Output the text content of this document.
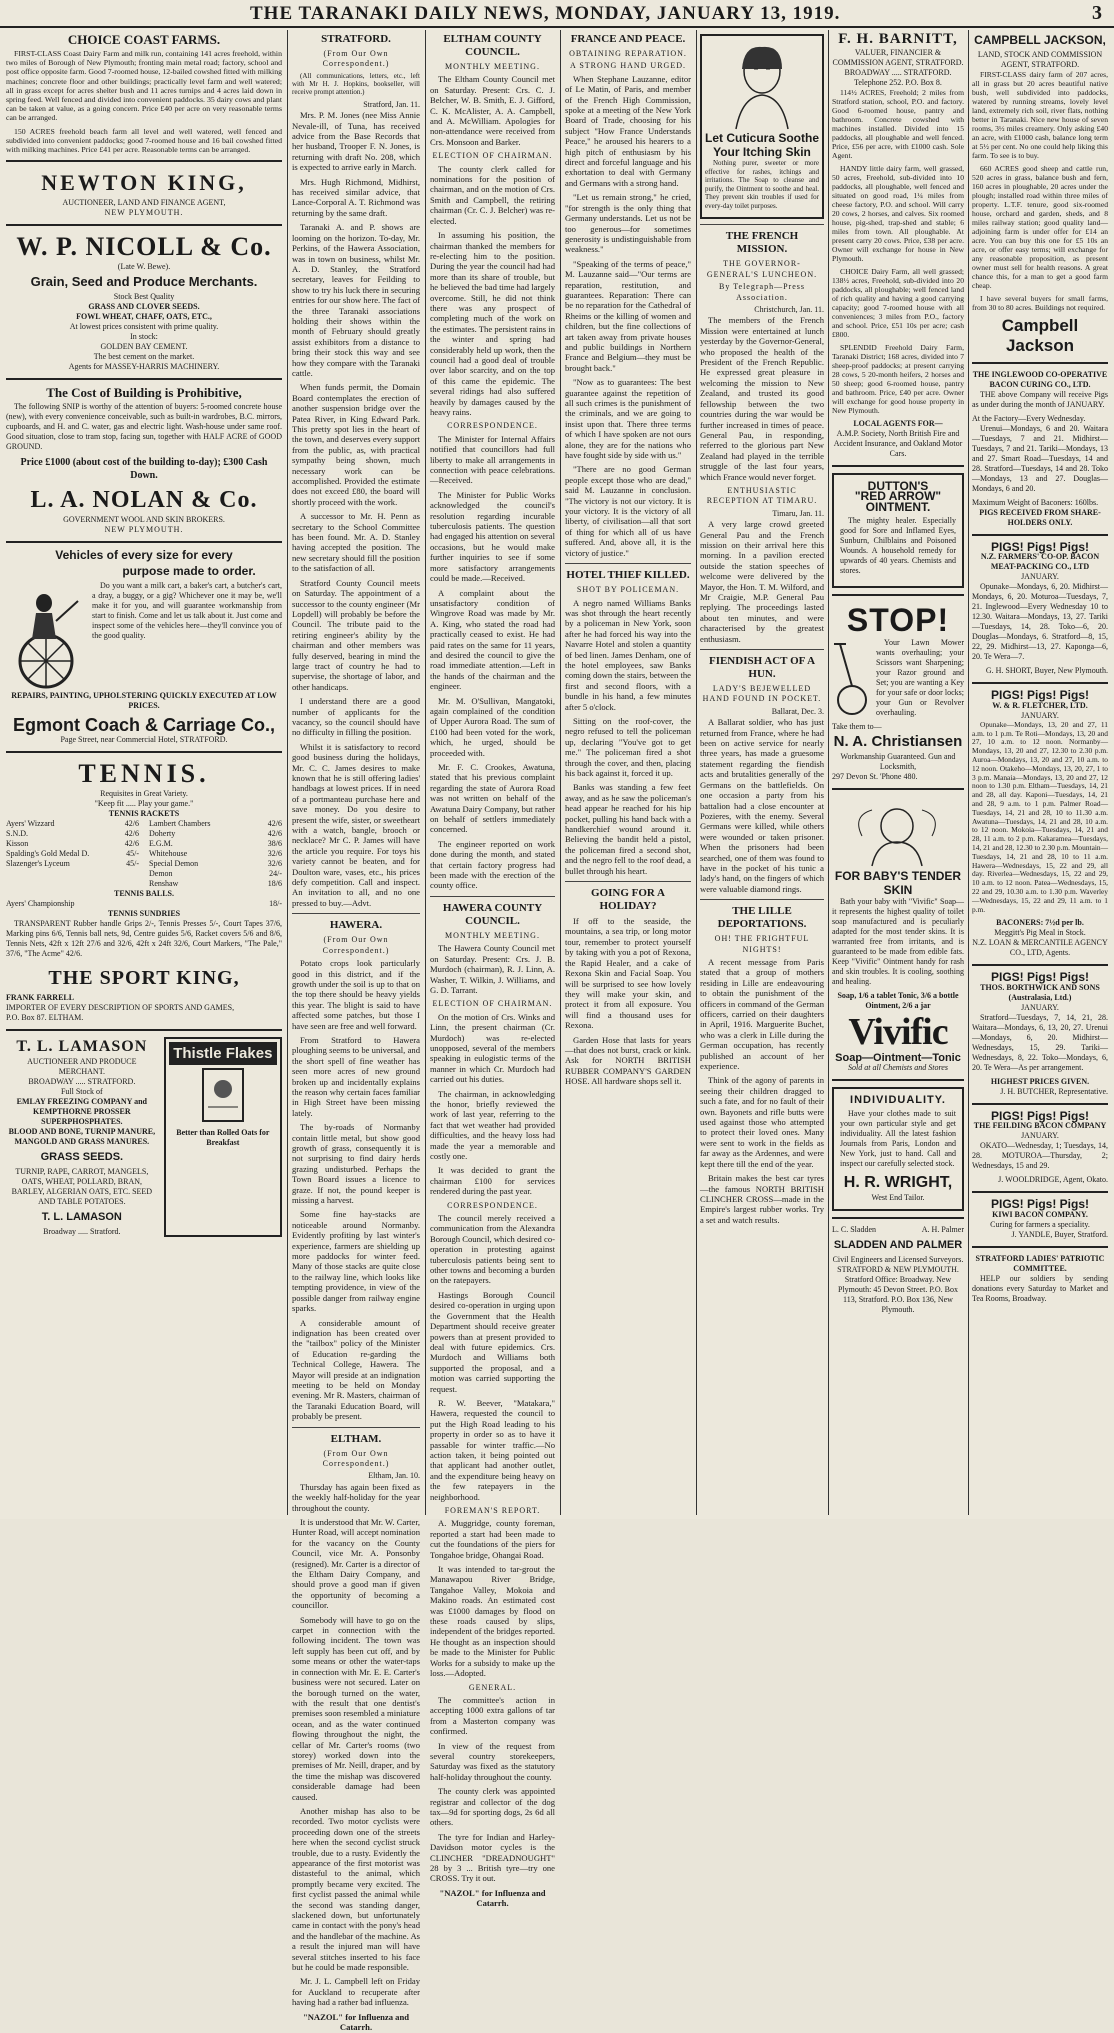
THE TARANAKI DAILY NEWS, MONDAY, JANUARY 13, 1919.	3
CHOICE COAST FARMS.

FIRST-CLASS Coast Dairy Farm and milk run, containing 141 acres freehold, within two miles of Borough of New Plymouth; fronting main metal road; factory, school and post office opposite farm. Good 7-roomed house, 12-bailed cowshed fitted with milking machines; concrete floor and other buildings; practically level farm and well watered; all in grass except for acres shelter bush and 11 acres turnips and 4 acres laid down in spring feed. Well fenced and divided into convenient paddocks. 35 dairy cows and plant can be taken at value, as a going concern. Price £40 per acre on very reasonable terms can be arranged.

150 ACRES freehold beach farm all level and well watered, well fenced and subdivided into convenient paddocks; good 7-roomed house and 16 bail cowshed fitted with milking machines. Price £41 per acre. Reasonable terms can be arranged.

NEWTON KING,
AUCTIONEER, LAND AND FINANCE AGENT,
NEW PLYMOUTH.
W. P. NICOLL & Co.
(Late W. Bewe).
Grain, Seed and Produce Merchants.
Stock Best Quality
GRASS AND CLOVER SEEDS.
FOWL WHEAT, CHAFF, OATS, ETC.,
At lowest prices consistent with prime quality.
In stock:
GOLDEN BAY CEMENT.
The best cement on the market.
Agents for MASSEY-HARRIS MACHINERY.
The Cost of Building is Prohibitive,

The following SNIP is worthy of the attention of buyers: 5-roomed concrete house (new), with every convenience conceivable, such as built-in wardrobes, B.C. mirrors, cupboards, and H. and C. water, gas and electric light. Wash-house under same roof. Good situation, close to tram stop, facing sun, together with HALF ACRE of GOOD GROUND.

Price £1000 (about cost of the building to-day); £300 Cash Down.
L. A. NOLAN & Co.
GOVERNMENT WOOL AND SKIN BROKERS.
NEW PLYMOUTH.
Vehicles of every size for every
purpose made to order.

Do you want a milk cart, a baker's cart, a butcher's cart, a dray, a buggy, or a gig? Whichever one it may be, we'll make it for you, and will guarantee workmanship from start to finish. Come and let us talk about it. Just come and inspect some of the vehicles here—they'll convince you of the good quality.

REPAIRS, PAINTING, UPHOLSTERING QUICKLY EXECUTED AT LOW PRICES.
Egmont Coach & Carriage Co.,
Page Street, near Commercial Hotel, STRATFORD.
TENNIS.
Requisites in Great Variety.
"Keep fit ..... Play your game."
TENNIS RACKETS
Ayers' Wizzard	42/6
S.N.D.	42/6
Kisson	42/6
Spalding's Gold Medal D.	45/-
Slazenger's Lyceum	45/-
Lambert Chambers	42/6
Doherty	42/6
E.G.M.	38/6
Whitehouse	32/6
Special Demon	32/6
Demon	24/-
Renshaw	18/6
TENNIS BALLS.
Ayers' Championship	18/-
TENNIS SUNDRIES

TRANSPARENT Rubber handle Grips 2/-, Tennis Presses 5/-, Court Tapes 37/6, Marking pins 6/6, Tennis ball nets, 9d, Centre guides 5/6, Racket covers 5/6 and 8/6, Tennis Nets, 42ft x 12ft 27/6 and 32/6, 42ft x 24ft 32/6, Court Markers, "The Pale," 37/6, "The Acme" 42/6.

THE SPORT KING,
FRANK FARRELL
IMPORTER OF EVERY DESCRIPTION OF SPORTS AND GAMES,
P.O. Box 87. ELTHAM.
T. L. LAMASON
AUCTIONEER AND PRODUCE MERCHANT.
BROADWAY ..... STRATFORD.
Full Stock of
EMLAY FREEZING COMPANY and KEMPTHORNE PROSSER SUPERPHOSPHATES.
BLOOD AND BONE, TURNIP MANURE, MANGOLD AND GRASS MANURES.
GRASS SEEDS.
TURNIP, RAPE, CARROT, MANGELS, OATS, WHEAT, POLLARD, BRAN, BARLEY, ALGERIAN OATS, ETC. SEED AND TABLE POTATOES.
T. L. LAMASON
Broadway ..... Stratford.
Thistle Flakes
Better than Rolled Oats for Breakfast
STRATFORD.
(From Our Own Correspondent.)

(All communications, letters, etc., left with Mr H. J. Hopkins, bookseller, will receive prompt attention.)

Stratford, Jan. 11.

Mrs. P. M. Jones (nee Miss Annie Nevale-ill, of Tuna, has received advice from the Base Records that her husband, Trooper F. N. Jones, is returning with draft No. 208, which is expected to arrive early in March.

Mrs. Hugh Richmond, Midhirst, has received similar advice, that Lance-Corporal A. T. Richmond was returning by the same draft.

Taranaki A. and P. shows are looming on the horizon. To-day, Mr. Perkins, of the Hawera Association, was in town on business, whilst Mr. A. D. Stanley, the Stratford secretary, leaves for Feilding to show to try his luck there in securing entries for our show here. The fact of the three Taranaki associations holding their shows within the month of February should greatly assist exhibitors from a distance to bring their stock this way and see how they compare with the Taranaki cattle.

When funds permit, the Domain Board contemplates the erection of another suspension bridge over the Patea River, in King Edward Park. This pretty spot lies in the heart of the town, and deserves every support from the public, as, with practical sympathy being shown, much necessary work can be accomplished. Provided the estimate does not exceed £80, the board will shortly proceed with the work.

A successor to Mr. H. Penn as secretary to the School Committee has been found. Mr. A. D. Stanley having accepted the position. The new secretary should fill the position to the satisfaction of all.

Stratford County Council meets on Saturday. The appointment of a successor to the county engineer (Mr Lopdell) will probably be before the Council. The tribute paid to the retiring engineer's ability by the chairman and other members was fully deserved, bearing in mind the large tract of country he had to supervise, the shortage of labor, and other handicaps.

I understand there are a good number of applicants for the vacancy, so the council should have no difficulty in filling the position.

Whilst it is satisfactory to record good business during the holidays, Mr. C. C. James desires to make known that he is still offering ladies' handbags at lowest prices. If in need of a portmanteau purchase here and save money. Do you desire to present the wife, sister, or sweetheart with a watch, bangle, brooch or necklace? Mr C. P. James will have the article you require. For toys his variety cannot be beaten, and for Doulton ware, vases, etc., his prices defy competition. Call and inspect. An invitation to all, and no one pressed to buy.—Advt.

HAWERA.
(From Our Own Correspondent.)

Potato crops look particularly good in this district, and if the growth under the soil is up to that on the top there should be heavy yields this year. The blight is said to have affected some patches, but those I have seen are free and well forward.

From Stratford to Hawera ploughing seems to be universal, and the short spell of fine weather has seen more acres of new ground broken up and incidentally explains the reason why certain faces familiar in High Street have been missing lately.

The by-roads of Normanby contain little metal, but show good growth of grass, consequently it is not surprising to find dairy herds grazing undisturbed. Perhaps the Town Board issues a licence to graze. If not, the pound keeper is missing a harvest.

Some fine hay-stacks are noticeable around Normanby. Evidently profiting by last winter's experience, farmers are shielding up more paddocks for winter feed. Many of those stacks are quite close to the railway line, which looks like tempting providence, in view of the possible danger from railway engine sparks.

A considerable amount of indignation has been created over the "tailbox" policy of the Minister of Education re-garding the Technical College, Hawera. The Mayor will preside at an indignation meeting to be held on Monday evening. Mr R. Masters, chairman of the Taranaki Education Board, will probably be present.

ELTHAM.
(From Our Own Correspondent.)
Eltham, Jan. 10.

Thursday has again been fixed as the weekly half-holiday for the year throughout the county.

It is understood that Mr. W. Carter, Hunter Road, will accept nomination for the vacancy on the County Council, vice Mr. A. Ponsonby (resigned). Mr. Carter is a director of the Eltham Dairy Company, and should prove a good man if given the opportunity of becoming a councillor.

Somebody will have to go on the carpet in connection with the following incident. The town was left supply has been cut off, and by some means or other the water-taps in connection with Mr. E. E. Carter's business were not secured. Later on the borough turned on the water, with the result that one dentist's premises soon resembled a miniature ocean, and as the water continued flowing throughout the night, the cellar of Mr. Carter's rooms (two storey) worked down into the premises of Mr. Neill, draper, and by the time the mishap was discovered considerable damage had been caused.

Another mishap has also to be recorded. Two motor cyclists were proceeding down one of the streets here when the second cyclist struck trouble, due to a rusty. Evidently the appearance of the first motorist was distasteful to the animal, which promptly became very excited. The first cyclist passed the animal while the second was standing danger, slackened down, but unfortunately came in contact with the pony's head and the handlebar of the machine. As a result the injured man will have several stitches inserted to his face but he could be made responsible.

Mr. J. L. Campbell left on Friday for Auckland to recuperate after having had a rather bad influenza.

"NAZOL" for Influenza and Catarrh.
ELTHAM COUNTY COUNCIL.
MONTHLY MEETING.

The Eltham County Council met on Saturday. Present: Crs. C. J. Belcher, W. B. Smith, E. J. Gifford, C. K. McAlister, A. A. Campbell, and A. McWilliam. Apologies for non-attendance were received from Crs. Monsoon and Barker.

ELECTION OF CHAIRMAN.

The county clerk called for nominations for the position of chairman, and on the motion of Crs. Smith and Campbell, the retiring chairman (Cr. C. J. Belcher) was re-elected.

In assuming his position, the chairman thanked the members for re-electing him to the position. During the year the council had had more than its share of trouble, but he believed the bad time had largely overcome. Still, he did not think there was any prospect of completing much of the work on the estimates. The persistent rains in the winter and spring had considerably held up work, then the council had a good deal of trouble over labor scarcity, and on the top of this came the epidemic. The several ridings had also suffered heavily by damages caused by the heavy rains.

CORRESPONDENCE.

The Minister for Internal Affairs notified that councillors had full liberty to make all arrangements in connection with peace celebrations.—Received.

The Minister for Public Works acknowledged the council's resolution regarding incurable tuberculosis patients. The question had engaged his attention on several occasions, but he would make further inquiries to see if some more satisfactory arrangements could be made.—Received.

A complaint about the unsatisfactory condition of Wingrove Road was made by Mr. A. King, who stated the road had practically ceased to exist. He had paid rates on the same for 11 years, and desired the council to give the road immediate attention.—Left in the hands of the chairman and the engineer.

Mr. M. O'Sullivan, Mangatoki, again complained of the condition of Upper Aurora Road. The sum of £100 had been voted for the work, which, he urged, should be proceeded with.

Mr. F. C. Crookes, Awatuna, stated that his previous complaint regarding the state of Aurora Road was not written on behalf of the Awatuna Dairy Company, but rather on behalf of settlers immediately concerned.

The engineer reported on work done during the month, and stated that certain factory progress had been made with the erection of the county office.

HAWERA COUNTY COUNCIL.
MONTHLY MEETING.

The Hawera County Council met on Saturday. Present: Crs. J. B. Murdoch (chairman), R. J. Linn, A. Washer, T. Wilkin, J. Williams, and G. D. Tarrant.

ELECTION OF CHAIRMAN.

On the motion of Crs. Winks and Linn, the present chairman (Cr. Murdoch) was re-elected unopposed, several of the members speaking in eulogistic terms of the manner in which Cr. Murdoch had carried out his duties.

The chairman, in acknowledging the honor, briefly reviewed the work of last year, referring to the fact that wet weather had provided difficulties, and the heavy loss had made the year a memorable and costly one.

It was decided to grant the chairman £100 for services rendered during the past year.

CORRESPONDENCE.

The council merely received a communication from the Alexandra Borough Council, which desired co-operation in protesting against tuberculosis patients being sent to other towns and becoming a burden on the ratepayers.

Hastings Borough Council desired co-operation in urging upon the Government that the Health Department should receive greater powers than at present provided to deal with future epidemics. Crs. Murdoch and Williams both supported the proposal, and a motion was carried supporting the request.

R. W. Beever, "Matakara," Hawera, requested the council to put the High Road leading to his property in order so as to have it passable for winter traffic.—No action taken, it being pointed out that applicant had another outlet, and the expenditure being heavy on the few ratepayers in the neighborhood.

FOREMAN'S REPORT.

A. Muggridge, county foreman, reported a start had been made to cut the foundations of the piers for Tongahoe bridge, Ohangai Road.

It was intended to tar-grout the Manawapou River Bridge, Tangahoe Valley, Mokoia and Makino roads. An estimated cost was £1000 damages by flood on these roads caused by slips, independent of the bridges reported. He thought as an inspection should be made to the Minister for Public Works for a subsidy to make up the loss.—Adopted.

GENERAL.

The committee's action in accepting 1000 extra gallons of tar from a Masterton company was confirmed.

In view of the request from several country storekeepers, Saturday was fixed as the statutory half-holiday throughout the county.

The county clerk was appointed registrar and collector of the dog tax—9d for sporting dogs, 2s 6d all others.

The tyre for Indian and Harley-Davidson motor cycles is the CLINCHER "DREADNOUGHT" 28 by 3 ... British tyre—try one CROSS. Try it out.

"NAZOL" for Influenza and Catarrh.
FRANCE AND PEACE.
OBTAINING REPARATION.
A STRONG HAND URGED.

When Stephane Lauzanne, editor of Le Matin, of Paris, and member of the French High Commission, spoke at a meeting of the New York Board of Trade, choosing for his subject "How France Understands Peace," he aroused his hearers to a high pitch of enthusiasm by his direct and forceful language and his exhortation to deal with Germany and Germans with a strong hand.

"Let us remain strong," he cried, "for strength is the only thing that Germany understands. Let us not be too generous—for sometimes generosity is undistinguishable from weakness."

"Speaking of the terms of peace," M. Lauzanne said—"Our terms are reparation, restitution, and guarantees. Reparation: There can be no reparation for the Cathedral of Rheims or the killing of women and children, but the fine collections of art taken away from private houses and public buildings in Northern France and Belgium—they must be brought back."

"Now as to guarantees: The best guarantee against the repetition of all such crimes is the punishment of the criminals, and we are going to insist upon that. There three terms of which I have spoken are not ours alone, they are for the nations who have fought side by side with us."

"There are no good German people except those who are dead," said M. Lauzanne in conclusion. "The victory is not our victory. It is your victory. It is the victory of all liberty, of civilisation—all that sort of thing for which all of us have suffered. And, above all, it is the victory of justice."

HOTEL THIEF KILLED.
SHOT BY POLICEMAN.

A negro named Williams Banks was shot through the heart recently by a policeman in New York, soon after he had forced his way into the Navarre Hotel and stolen a quantity of bed linen. James Denham, one of the hotel employees, saw Banks coming down the stairs, between the first and second floors, with a bundle in his hand, a few minutes after 5 o'clock.

Sitting on the roof-cover, the negro refused to tell the policeman up, declaring "You've got to get me." The policeman fired a shot through the cover, and then, placing his back against it, forced it up.

Banks was standing a few feet away, and as he saw the policeman's head appear he reached for his hip pocket, pulling his hand back with a handkerchief wound around it. Believing the bandit held a pistol, the policeman fired a second shot, and the negro fell to the roof dead, a bullet through his heart.

GOING FOR A HOLIDAY?

If off to the seaside, the mountains, a sea trip, or long motor tour, remember to protect yourself by taking with you a pot of Rexona, the Rapid Healer, and a cake of Rexona Skin and Facial Soap. You will be surprised to see how lovely they will make your skin, and protect it from all exposure. You will find a thousand uses for Rexona.

Garden Hose that lasts for years—that does not burst, crack or kink. Ask for NORTH BRITISH RUBBER COMPANY'S GARDEN HOSE. All hardware shops sell it.

Let Cuticura Soothe Your Itching Skin

Nothing purer, sweeter or more effective for rashes, itchings and irritations. The Soap to cleanse and purify, the Ointment to soothe and heal. They prevent skin troubles if used for every-day toilet purposes.

THE FRENCH MISSION.
THE GOVERNOR-GENERAL'S LUNCHEON.
By Telegraph—Press Association.
Christchurch, Jan. 11.

The members of the French Mission were entertained at lunch yesterday by the Governor-General, who proposed the health of the President of the French Republic. He expressed great pleasure in welcoming the mission to New Zealand, and trusted its good fellowship between the two countries during the war would be further increased in times of peace. General Pau, in responding, referred to the glorious part New Zealand had played in the terrible struggle of the last four years, which France would never forget.

ENTHUSIASTIC RECEPTION AT TIMARU.
Timaru, Jan. 11.

A very large crowd greeted General Pau and the French mission on their arrival here this morning. In a pavilion erected outside the station speeches of welcome were delivered by the Mayor, the Hon. T. M. Wilford, and Mr Craigie, M.P. General Pau replying. The proceedings lasted about ten minutes, and were characterised by the greatest enthusiasm.

FIENDISH ACT OF A HUN.
LADY'S BEJEWELLED HAND FOUND IN POCKET.
Ballarat, Dec. 3.

A Ballarat soldier, who has just returned from France, where he had been on active service for nearly three years, has made a gruesome statement regarding the fiendish acts and brutalities generally of the Germans on the battlefields. On one occasion a party from his battalion had a close encounter at Pozieres, with the enemy. Several Germans were killed, while others were wounded or taken prisoner. When the prisoners had been searched, one of them was found to have in the pocket of his tunic a lady's hand, on the fingers of which were valuable diamond rings.

THE LILLE DEPORTATIONS.
OH! THE FRIGHTFUL NIGHTS!

A recent message from Paris stated that a group of mothers residing in Lille are endeavouring to obtain the punishment of the officers in command of the German officers, carried on their daughters in April, 1916. Marguerite Buchet, who was a clerk in Lille during the German occupation, has recently published an account of her experience.

Think of the agony of parents in seeing their children dragged to such a fate, and for no fault of their own. Bayonets and rifle butts were used against those who attempted to protect their loved ones. Many were sent to work in the fields as far away as the Ardennes, and were kept there till the end of the year.

Britain makes the best car tyres—the famous NORTH BRITISH CLINCHER CROSS—made in the Empire's largest rubber works. Try a set and watch results.

F. H. BARNITT,
VALUER, FINANCIER & COMMISSION AGENT, STRATFORD.
BROADWAY ..... STRATFORD.
Telephone 252. P.O. Box 8.

114½ ACRES, Freehold; 2 miles from Stratford station, school, P.O. and factory. Good 6-roomed house, pantry and bathroom. Concrete cowshed with machines installed. Divided into 15 paddocks, all ploughable and well fenced. Price, £56 per acre, with £1000 cash. Sole Agent.

HANDY little dairy farm, well grassed, 50 acres, Freehold, sub-divided into 10 paddocks, all ploughable, well fenced and situated on good road, 1¼ miles from cheese factory, P.O. and school. Will carry 20 cows, 2 horses, and calves. Six roomed house, pig-shed, trap-shed and stable; 6 miles from town. All ploughable. At present carry 20 cows. Price, £38 per acre. Owner will exchange for house in New Plymouth.

CHOICE Dairy Farm, all well grassed; 138½ acres, Freehold, sub-divided into 20 paddocks, all ploughable; well fenced land of rich quality and having a good carrying capacity; good 7-roomed house with all conveniences; 3 miles from P.O., factory and school. Price, £51 10s per acre; cash £800.

SPLENDID Freehold Dairy Farm, Taranaki District; 168 acres, divided into 7 sheep-proof paddocks; at present carrying 28 cows, 5 20-month heifers, 2 horses and 50 sheep; good 6-roomed house, pantry and bathroom. Price, £40 per acre. Owner will exchange for good house property in New Plymouth.

LOCAL AGENTS FOR—
A.M.P. Society, North British Fire and Accident Insurance, and Oakland Motor Cars.
DUTTON'S
"RED ARROW"
OINTMENT.

The mighty healer. Especially good for Sore and Inflamed Eyes, Sunburn, Chilblains and Poisoned Wounds. A household remedy for upwards of 40 years. Chemists and stores.

STOP!

Your Lawn Mower wants overhauling; your Scissors want Sharpening; your Razor ground and Set; you are wanting a Key for your safe or door locks; your Gun or Revolver overhauling.

Take them to—
N. A. Christiansen
Workmanship Guaranteed. Gun and Locksmith,
297 Devon St. 'Phone 480.
FOR BABY'S TENDER SKIN

Bath your baby with "Vivific" Soap—it represents the highest quality of toilet soap manufactured and is peculiarly adapted for the most tender skins. It is warranted free from irritants, and is guaranteed to be made from edible fats. Keep "Vivific" Ointment handy for rash and skin troubles. It is cooling, soothing and healing.

Soap, 1/6 a tablet Tonic, 3/6 a bottle Ointment, 2/6 a jar
Vivific
Soap—Ointment—Tonic
Sold at all Chemists and Stores
INDIVIDUALITY.

Have your clothes made to suit your own particular style and get individuality. All the latest fashion Journals from Paris, London and New York, just to hand. Call and inspect our carefully selected stock.

H. R. WRIGHT,
West End Tailor.
L. C. Sladden	A. H. Palmer
SLADDEN AND PALMER
Civil Engineers and Licensed Surveyors.
STRATFORD & NEW PLYMOUTH. Stratford Office: Broadway. New Plymouth: 45 Devon Street. P.O. Box 113, Stratford. P.O. Box 136, New Plymouth.
CAMPBELL JACKSON,
LAND, STOCK AND COMMISSION AGENT, STRATFORD.

FIRST-CLASS dairy farm of 207 acres, all in grass but 20 acres beautiful native bush, well subdivided into paddocks, watered by running streams, lovely level land, extremely rich soil, river flats, nothing better in Taranaki. Nice new house of seven rooms, 3½ miles creamery. Only asking £40 an acre, with £1000 cash, balance long term at 5½ per cent. No one could help liking this farm. To see is to buy.

660 ACRES good sheep and cattle run, 520 acres in grass, balance bush and fern, 160 acres in ploughable, 20 acres under the plough; installed road within three miles of property. L.T.F. tenure, good six-roomed house, orchard and garden, sheds, and 8 miles railway station; good quality land—adjoining farm is under offer for £14 an acre. You can buy this one for £5 10s an acre, or offer easy terms; will exchange for any reasonable proposition, as present owner must sell for health reasons. A great chance this, for a man to get a good farm cheap.

I have several buyers for small farms, from 30 to 80 acres. Buildings not required.

Campbell Jackson
THE INGLEWOOD CO-OPERATIVE BACON CURING CO., LTD.

THE above Company will receive Pigs as under during the month of JANUARY.

At the Factory—Every Wednesday.

Urenui—Mondays, 6 and 20. Waitara—Tuesdays, 7 and 21. Midhirst—Tuesdays, 7 and 21. Tariki—Mondays, 13 and 27. Smart Road—Tuesdays, 14 and 28. Stratford—Tuesdays, 14 and 28. Toko—Mondays, 13 and 27. Douglas—Mondays, 6 and 20.

Maximum Weight of Baconers: 160lbs.
PIGS RECEIVED FROM SHARE-HOLDERS ONLY.
PIGS! Pigs! Pigs!
N.Z. FARMERS' CO-OP. BACON MEAT-PACKING CO., LTD
JANUARY.

Opunake—Mondays, 6, 20. Midhirst—Mondays, 6, 20. Moturoa—Tuesdays, 7, 21. Inglewood—Every Wednesday 10 to 12.30. Waitara—Mondays, 13, 27. Tariki—Tuesdays, 14, 28. Toko—6, 20. Douglas—Mondays, 6. Stratford—8, 15, 22, 29. Midhirst—13, 27. Kaponga—6, 20. Te Wera—7.

G. H. SHORT, Buyer, New Plymouth.
PIGS! Pigs! Pigs!
W. & R. FLETCHER, LTD.
JANUARY.

Opunake—Mondays, 13, 20 and 27, 11 a.m. to 1 p.m. Te Roti—Mondays, 13, 20 and 27, 10 a.m. to 12 noon. Normanby—Mondays, 13, 20 and 27, 12.30 to 2.30 p.m. Auroa—Mondays, 13, 20 and 27, 10 a.m. to 12 noon. Otakeho—Mondays, 13, 20, 27, 1 to 3 p.m. Manaia—Mondays, 13, 20 and 27, 12 noon to 1.30 p.m. Eltham—Tuesdays, 14, 21 and 28, all day. Kaponi—Tuesdays, 14, 21 and 28, 9 a.m. to 1 p.m. Palmer Road—Tuesdays, 14, 21 and 28, 10 to 11.30 a.m. Awatuna—Tuesdays, 14, 21 and 28, 10 a.m. to 12 noon. Mokoia—Tuesdays, 14, 21 and 28, 11 a.m. to 2 p.m. Kakaramea—Tuesdays, 14, 21 and 28, 12.30 to 2.30 p.m. Mountain—Tuesdays, 14, 21 and 28, 10 to 11 a.m. Hawera—Wednesdays, 15, 22 and 29, all day. Riverlea—Wednesdays, 15, 22 and 29, 10 a.m. to 12 noon. Patea—Wednesdays, 15, 22 and 29, 10.30 a.m. to 1.30 p.m. Waverley—Wednesdays, 15, 22 and 29, 11 a.m. to 1 p.m.

BACONERS: 7½d per lb.
Meggitt's Pig Meal in Stock.
N.Z. LOAN & MERCANTILE AGENCY CO., LTD, Agents.
PIGS! Pigs! Pigs!
THOS. BORTHWICK AND SONS (Australasia, Ltd.)
JANUARY.

Stratford—Tuesdays, 7, 14, 21, 28. Waitara—Mondays, 6, 13, 20, 27. Urenui—Mondays, 6, 20. Midhirst—Wednesdays, 15, 29. Tariki—Wednesdays, 8, 22. Toko—Mondays, 6, 20. Te Wera—As per arrangement.

HIGHEST PRICES GIVEN.
J. H. BUTCHER, Representative.
PIGS! Pigs! Pigs!
THE FEILDING BACON COMPANY
JANUARY.

OKATO—Wednesday, 1; Tuesdays, 14, 28. MOTUROA—Thursday, 2; Wednesdays, 15 and 29.

J. WOOLDRIDGE, Agent, Okato.
PIGS! Pigs! Pigs!
KIWI BACON COMPANY.
Curing for farmers a speciality.
J. YANDLE, Buyer, Stratford.
STRATFORD LADIES' PATRIOTIC COMMITTEE.

HELP our soldiers by sending donations every Saturday to Market and Tea Rooms, Broadway.
